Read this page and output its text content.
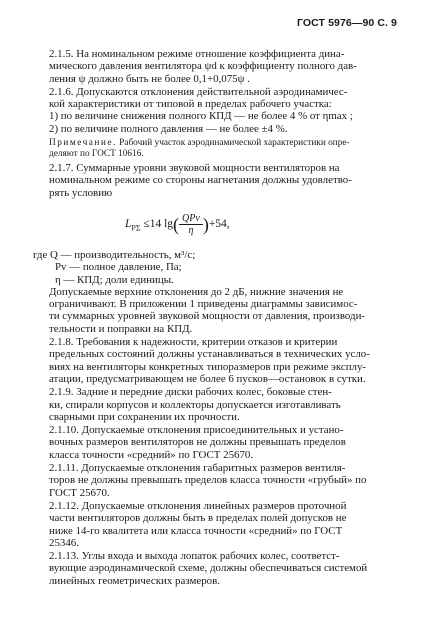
ГОСТ 5976—90 С. 9
2.1.5. На номинальном режиме отношение коэффициента дина-
мического давления вентилятора ψd к коэффициенту полного дав-
ления ψ должно быть не более 0,1+0,075ψ .
2.1.6. Допускаются отклонения действительной аэродинамичес-
кой характеристики от типовой в пределах рабочего участка:
1) по величине снижения полного КПД — не более 4 % от ηmax ;
2) по величине полного давления — не более ±4 %.
Примечание. Рабочий участок аэродинамической характеристики опре-
деляют по ГОСТ 10616.
2.1.7. Суммарные уровни звуковой мощности вентиляторов на
номинальном режиме со стороны нагнетания должны удовлетво-
рять условию
$L_{P\Sigma} \le 14$ $\lg( \frac{\text{QPv}}{\eta} )+54$,
где Q — производительность, м³/с;
Pv — полное давление, Па;
η — КПД; доли единицы.
Допускаемые верхние отклонения до 2 дБ, нижние значения не
ограничивают. В приложении 1 приведены диаграммы зависимос-
ти суммарных уровней звуковой мощности от давления, производи-
тельности и поправки на КПД.
2.1.8. Требования к надежности, критерии отказов и критерии
предельных состояний должны устанавливаться в технических усло-
виях на вентиляторы конкретных типоразмеров при режиме эксплу-
атации, предусматривающем не более 6 пусков—остановок в сутки.
2.1.9. Задние и передние диски рабочих колес, боковые стен-
ки, спирали корпусов и коллекторы допускается изготавливать
сварными при сохранении их прочности.
2.1.10. Допускаемые отклонения присоединительных и устано-
вочных размеров вентиляторов не должны превышать пределов
класса точности «средний» по ГОСТ 25670.
2.1.11. Допускаемые отклонения габаритных размеров вентиля-
торов не должны превышать пределов класса точности «грубый» по
ГОСТ 25670.
2.1.12. Допускаемые отклонения линейных размеров проточной
части вентиляторов должны быть в пределах полей допусков не
ниже 14-го квалитета или класса точности «средний» по ГОСТ
25346.
2.1.13. Углы входа и выхода лопаток рабочих колес, соответст-
вующие аэродинамической схеме, должны обеспечиваться системой
линейных геометрических размеров.
